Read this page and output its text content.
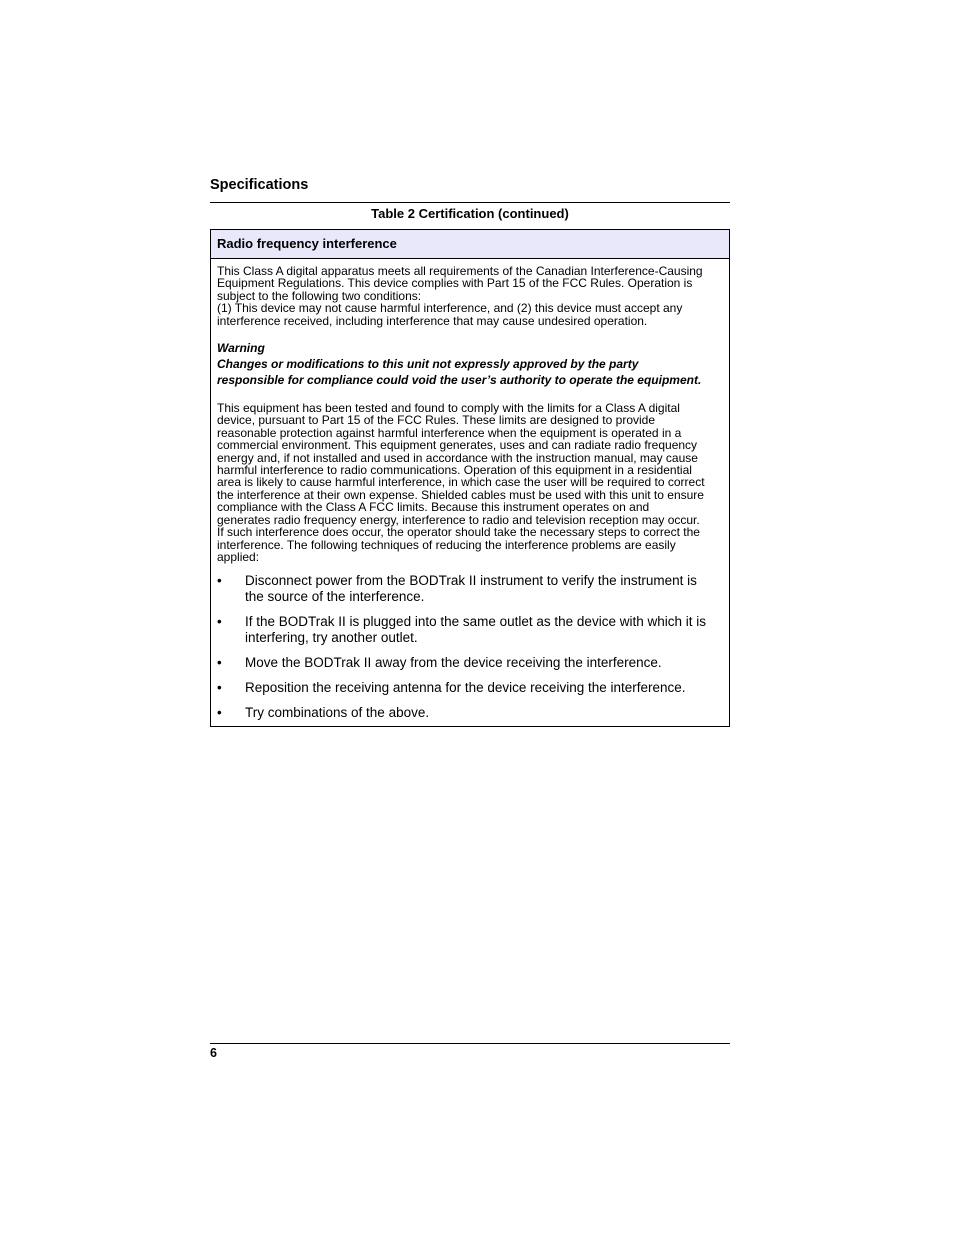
Specifications
Table 2 Certification (continued)
Radio frequency interference
This Class A digital apparatus meets all requirements of the Canadian Interference-Causing
Equipment Regulations. This device complies with Part 15 of the FCC Rules. Operation is
subject to the following two conditions:
(1) This device may not cause harmful interference, and (2) this device must accept any
interference received, including interference that may cause undesired operation.
Warning
Changes or modifications to this unit not expressly approved by the party
responsible for compliance could void the user’s authority to operate the equipment.
This equipment has been tested and found to comply with the limits for a Class A digital
device, pursuant to Part 15 of the FCC Rules. These limits are designed to provide
reasonable protection against harmful interference when the equipment is operated in a
commercial environment. This equipment generates, uses and can radiate radio frequency
energy and, if not installed and used in accordance with the instruction manual, may cause
harmful interference to radio communications. Operation of this equipment in a residential
area is likely to cause harmful interference, in which case the user will be required to correct
the interference at their own expense. Shielded cables must be used with this unit to ensure
compliance with the Class A FCC limits. Because this instrument operates on and
generates radio frequency energy, interference to radio and television reception may occur.
If such interference does occur, the operator should take the necessary steps to correct the
interference. The following techniques of reducing the interference problems are easily
applied:
• Disconnect power from the BODTrak II instrument to verify the instrument is
the source of the interference.
• If the BODTrak II is plugged into the same outlet as the device with which it is
interfering, try another outlet.
• Move the BODTrak II away from the device receiving the interference.
• Reposition the receiving antenna for the device receiving the interference.
• Try combinations of the above.
6
